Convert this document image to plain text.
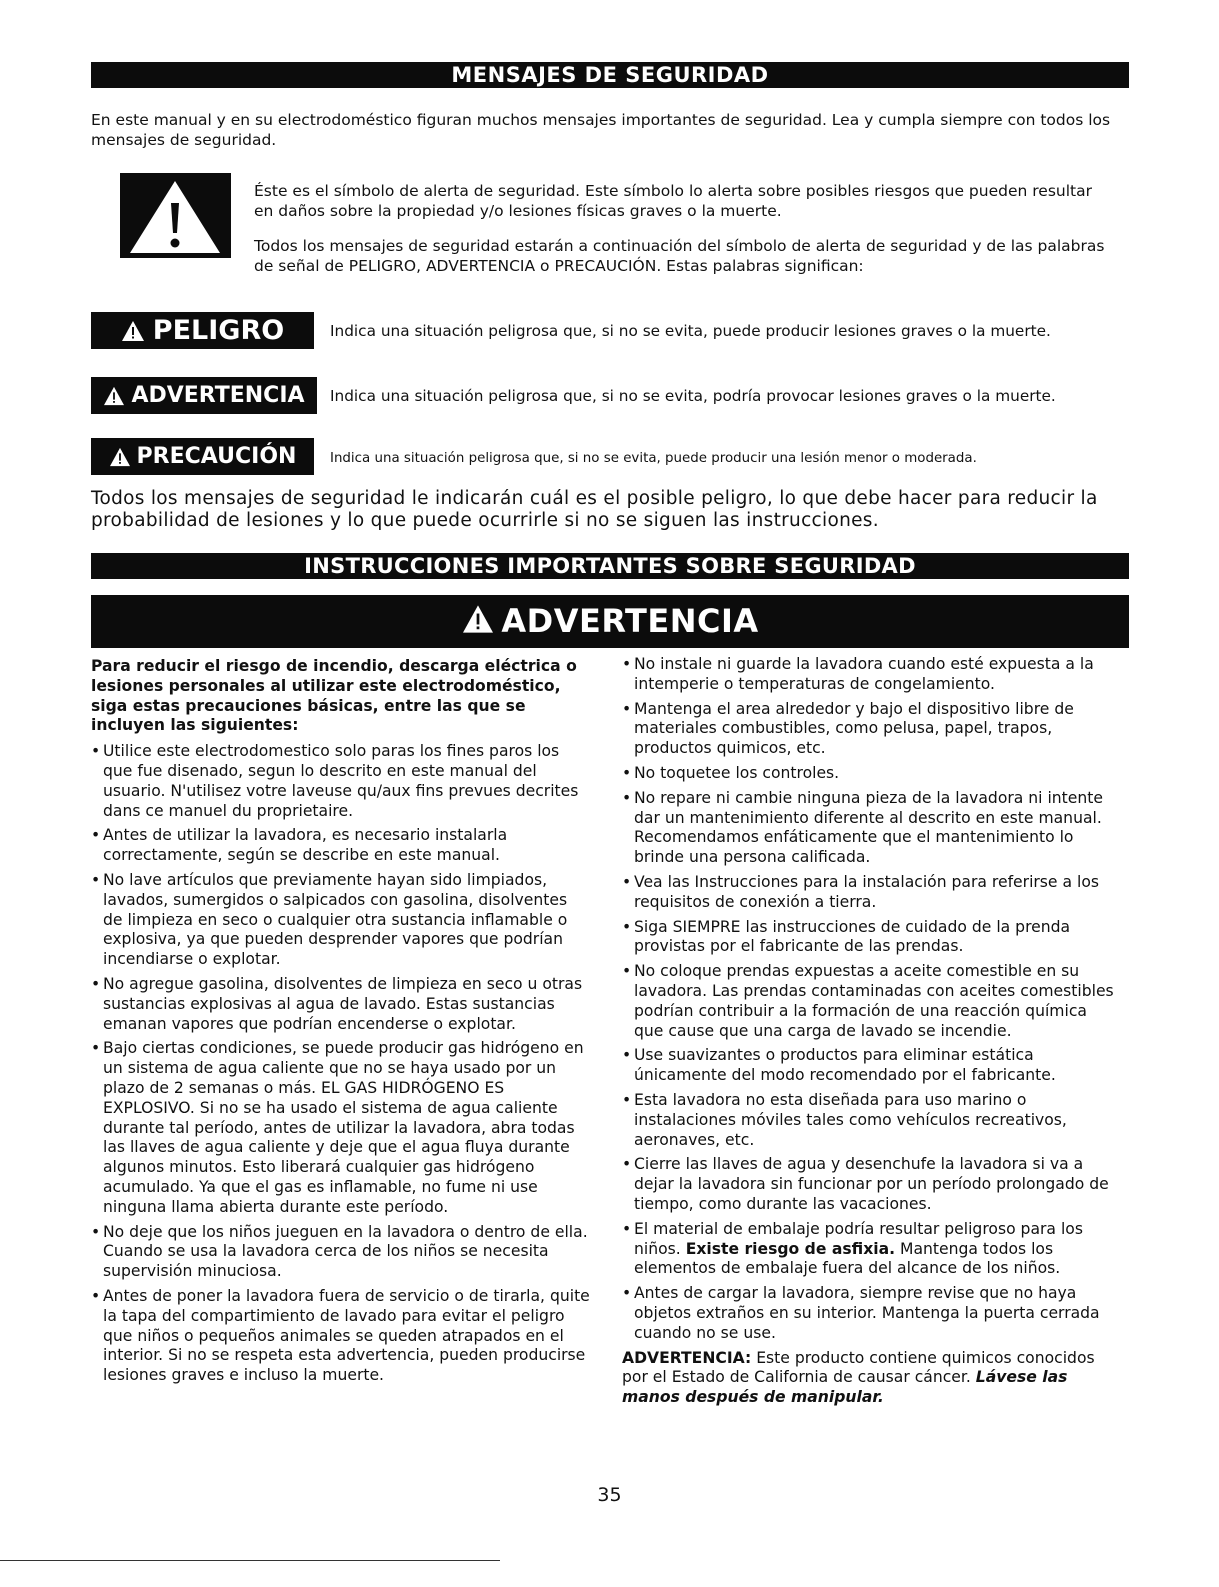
MENSAJES DE SEGURIDAD
En este manual y en su electrodoméstico figuran muchos mensajes importantes de seguridad. Lea y cumpla siempre con todos los mensajes de seguridad.
Éste es el símbolo de alerta de seguridad. Este símbolo lo alerta sobre posibles riesgos que pueden resultar en daños sobre la propiedad y/o lesiones físicas graves o la muerte.
Todos los mensajes de seguridad estarán a continuación del símbolo de alerta de seguridad y de las palabras de señal de PELIGRO, ADVERTENCIA o PRECAUCIÓN. Estas palabras significan:
PELIGRO	Indica una situación peligrosa que, si no se evita, puede producir lesiones graves o la muerte.
ADVERTENCIA Indica una situación peligrosa que, si no se evita, podría provocar lesiones graves o la muerte.
PRECAUCIÓN	Indica una situación peligrosa que, si no se evita, puede producir una lesión menor o moderada.
Todos los mensajes de seguridad le indicarán cuál es el posible peligro, lo que debe hacer para reducir la probabilidad de lesiones y lo que puede ocurrirle si no se siguen las instrucciones.
INSTRUCCIONES IMPORTANTES SOBRE SEGURIDAD
ADVERTENCIA
Para reducir el riesgo de incendio, descarga eléctrica o lesiones personales al utilizar este electrodoméstico, siga estas precauciones básicas, entre las que se incluyen las siguientes:
• Utilice este electrodomestico solo paras los fines paros los que fue disenado, segun lo descrito en este manual del usuario. N'utilisez votre laveuse qu/aux fins prevues decrites dans ce manuel du proprietaire.
• Antes de utilizar la lavadora, es necesario instalarla correctamente, según se describe en este manual.
• No lave artículos que previamente hayan sido limpiados, lavados, sumergidos o salpicados con gasolina, disolventes de limpieza en seco o cualquier otra sustancia inflamable o explosiva, ya que pueden desprender vapores que podrían incendiarse o explotar.
• No agregue gasolina, disolventes de limpieza en seco u otras sustancias explosivas al agua de lavado. Estas sustancias emanan vapores que podrían encenderse o explotar.
• Bajo ciertas condiciones, se puede producir gas hidrógeno en un sistema de agua caliente que no se haya usado por un plazo de 2 semanas o más. EL GAS HIDRÓGENO ES EXPLOSIVO. Si no se ha usado el sistema de agua caliente durante tal período, antes de utilizar la lavadora, abra todas las llaves de agua caliente y deje que el agua fluya durante algunos minutos. Esto liberará cualquier gas hidrógeno acumulado. Ya que el gas es inflamable, no fume ni use ninguna llama abierta durante este período.
• No deje que los niños jueguen en la lavadora o dentro de ella. Cuando se usa la lavadora cerca de los niños se necesita supervisión minuciosa.
• Antes de poner la lavadora fuera de servicio o de tirarla, quite la tapa del compartimiento de lavado para evitar el peligro que niños o pequeños animales se queden atrapados en el interior. Si no se respeta esta advertencia, pueden producirse lesiones graves e incluso la muerte.
• No instale ni guarde la lavadora cuando esté expuesta a la intemperie o temperaturas de congelamiento.
• Mantenga el area alrededor y bajo el dispositivo libre de materiales combustibles, como pelusa, papel, trapos, productos quimicos, etc.
• No toquetee los controles.
• No repare ni cambie ninguna pieza de la lavadora ni intente dar un mantenimiento diferente al descrito en este manual. Recomendamos enfáticamente que el mantenimiento lo brinde una persona calificada.
• Vea las Instrucciones para la instalación para referirse a los requisitos de conexión a tierra.
• Siga SIEMPRE las instrucciones de cuidado de la prenda provistas por el fabricante de las prendas.
• No coloque prendas expuestas a aceite comestible en su lavadora. Las prendas contaminadas con aceites comestibles podrían contribuir a la formación de una reacción química que cause que una carga de lavado se incendie.
• Use suavizantes o productos para eliminar estática únicamente del modo recomendado por el fabricante.
• Esta lavadora no esta diseñada para uso marino o instalaciones móviles tales como vehículos recreativos, aeronaves, etc.
• Cierre las llaves de agua y desenchufe la lavadora si va a dejar la lavadora sin funcionar por un período prolongado de tiempo, como durante las vacaciones.
• El material de embalaje podría resultar peligroso para los niños. Existe riesgo de asfixia. Mantenga todos los elementos de embalaje fuera del alcance de los niños.
• Antes de cargar la lavadora, siempre revise que no haya objetos extraños en su interior. Mantenga la puerta cerrada cuando no se use.
ADVERTENCIA: Este producto contiene quimicos conocidos por el Estado de California de causar cáncer. Lávese las manos después de manipular.
35
